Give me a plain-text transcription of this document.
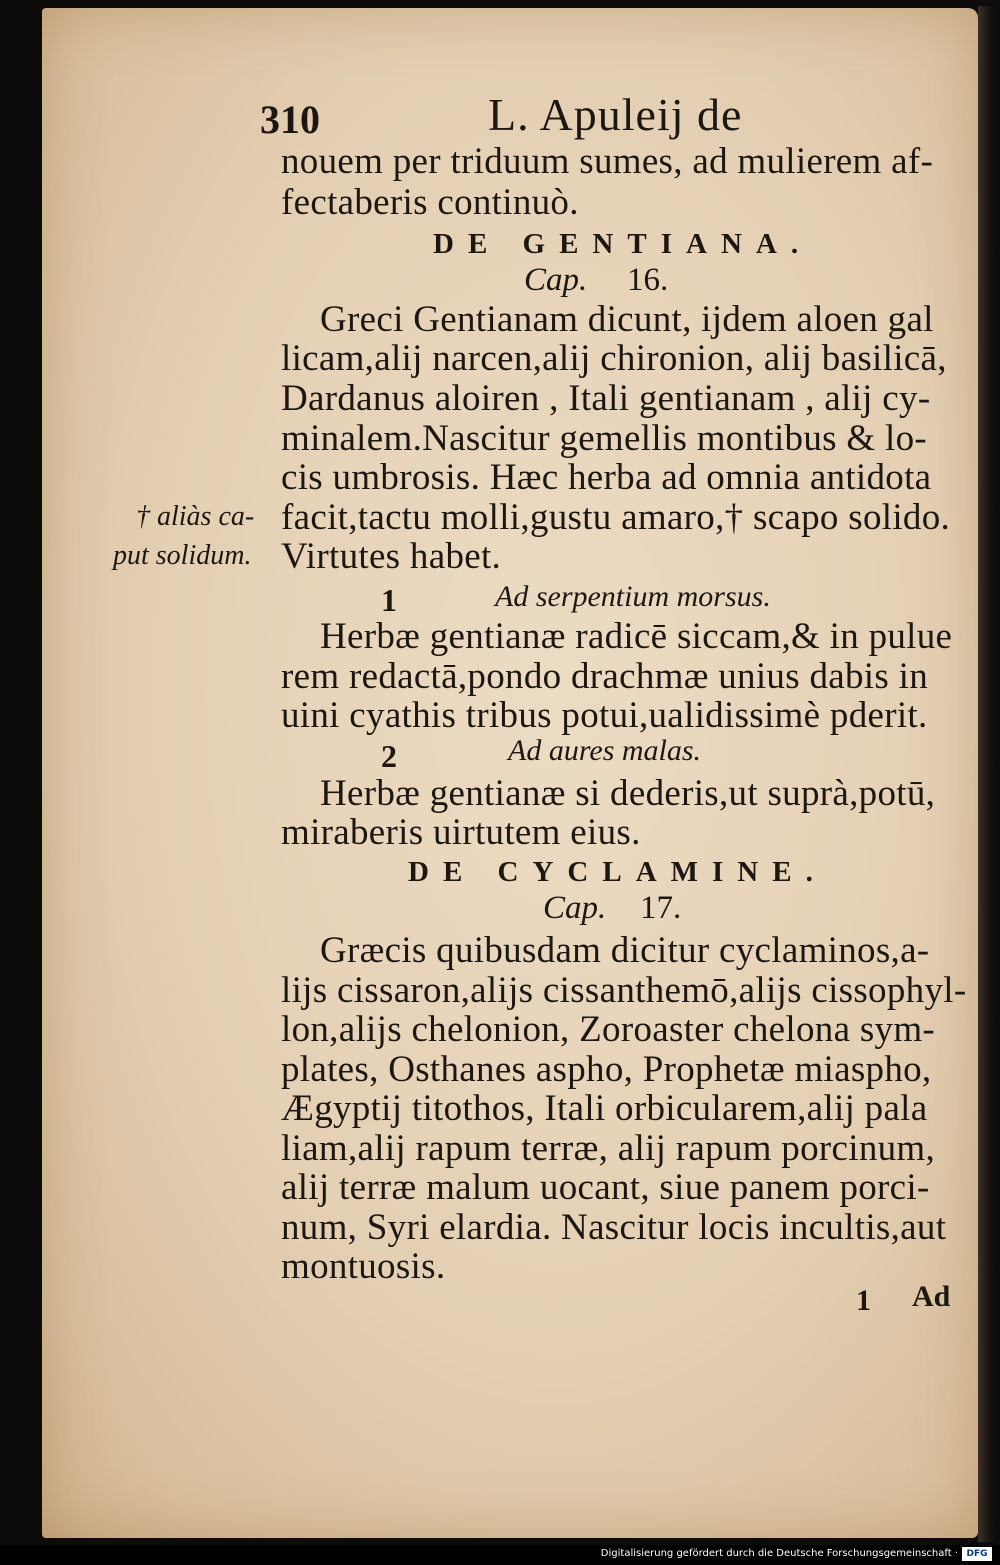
310	L. Apuleij de
nouem per triduum sumes, ad mulierem af-
fectaberis continuò.
DE GENTIANA.
Cap. 16.
Greci Gentianam dicunt, ijdem aloen gal
licam,alij narcen,alij chironion, alij basilicā,
Dardanus aloiren , Itali gentianam , alij cy-
minalem.Nascitur gemellis montibus & lo-
cis umbrosis. Hæc herba ad omnia antidota
facit,tactu molli,gustu amaro,† scapo solido.
Virtutes habet.
† aliàs ca-
put solidum.
1	Ad serpentium morsus.
Herbæ gentianæ radicē siccam,& in pulue
rem redactā,pondo drachmæ unius dabis in
uini cyathis tribus potui,ualidissimè pderit.
2	Ad aures malas.
Herbæ gentianæ si dederis,ut suprà,potū,
miraberis uirtutem eius.
DE CYCLAMINE.
Cap. 17.
Græcis quibusdam dicitur cyclaminos,a-
lijs cissaron,alijs cissanthemō,alijs cissophyl-
lon,alijs chelonion, Zoroaster chelona sym-
plates, Osthanes aspho, Prophetæ miaspho,
Ægyptij titothos, Itali orbicularem,alij pala
liam,alij rapum terræ, alij rapum porcinum,
alij terræ malum uocant, siue panem porci-
num, Syri elardia. Nascitur locis incultis,aut
montuosis.
1 Ad
Digitalisierung gefördert durch die Deutsche Forschungsgemeinschaft · DFG
